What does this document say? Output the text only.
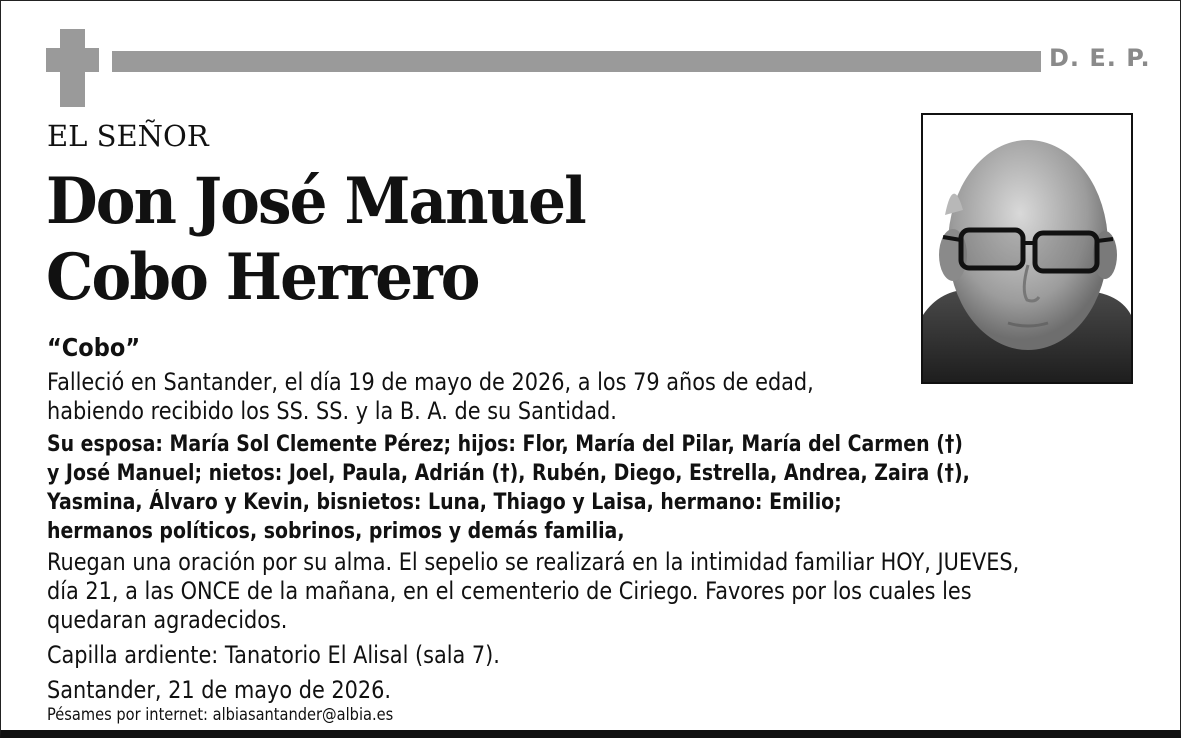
D. E. P.
EL SEÑOR
Don José Manuel
Cobo Herrero
“Cobo”
Falleció en Santander, el día 19 de mayo de 2026, a los 79 años de edad,
habiendo recibido los SS. SS. y la B. A. de su Santidad.
Su esposa: María Sol Clemente Pérez; hijos: Flor, María del Pilar, María del Carmen (†)
y José Manuel; nietos: Joel, Paula, Adrián (†), Rubén, Diego, Estrella, Andrea, Zaira (†),
Yasmina, Álvaro y Kevin, bisnietos: Luna, Thiago y Laisa, hermano: Emilio;
hermanos políticos, sobrinos, primos y demás familia,
Ruegan una oración por su alma. El sepelio se realizará en la intimidad familiar HOY, JUEVES,
día 21, a las ONCE de la mañana, en el cementerio de Ciriego. Favores por los cuales les
quedaran agradecidos.
Capilla ardiente: Tanatorio El Alisal (sala 7).
Santander, 21 de mayo de 2026.
Pésames por internet: albiasantander@albia.es
